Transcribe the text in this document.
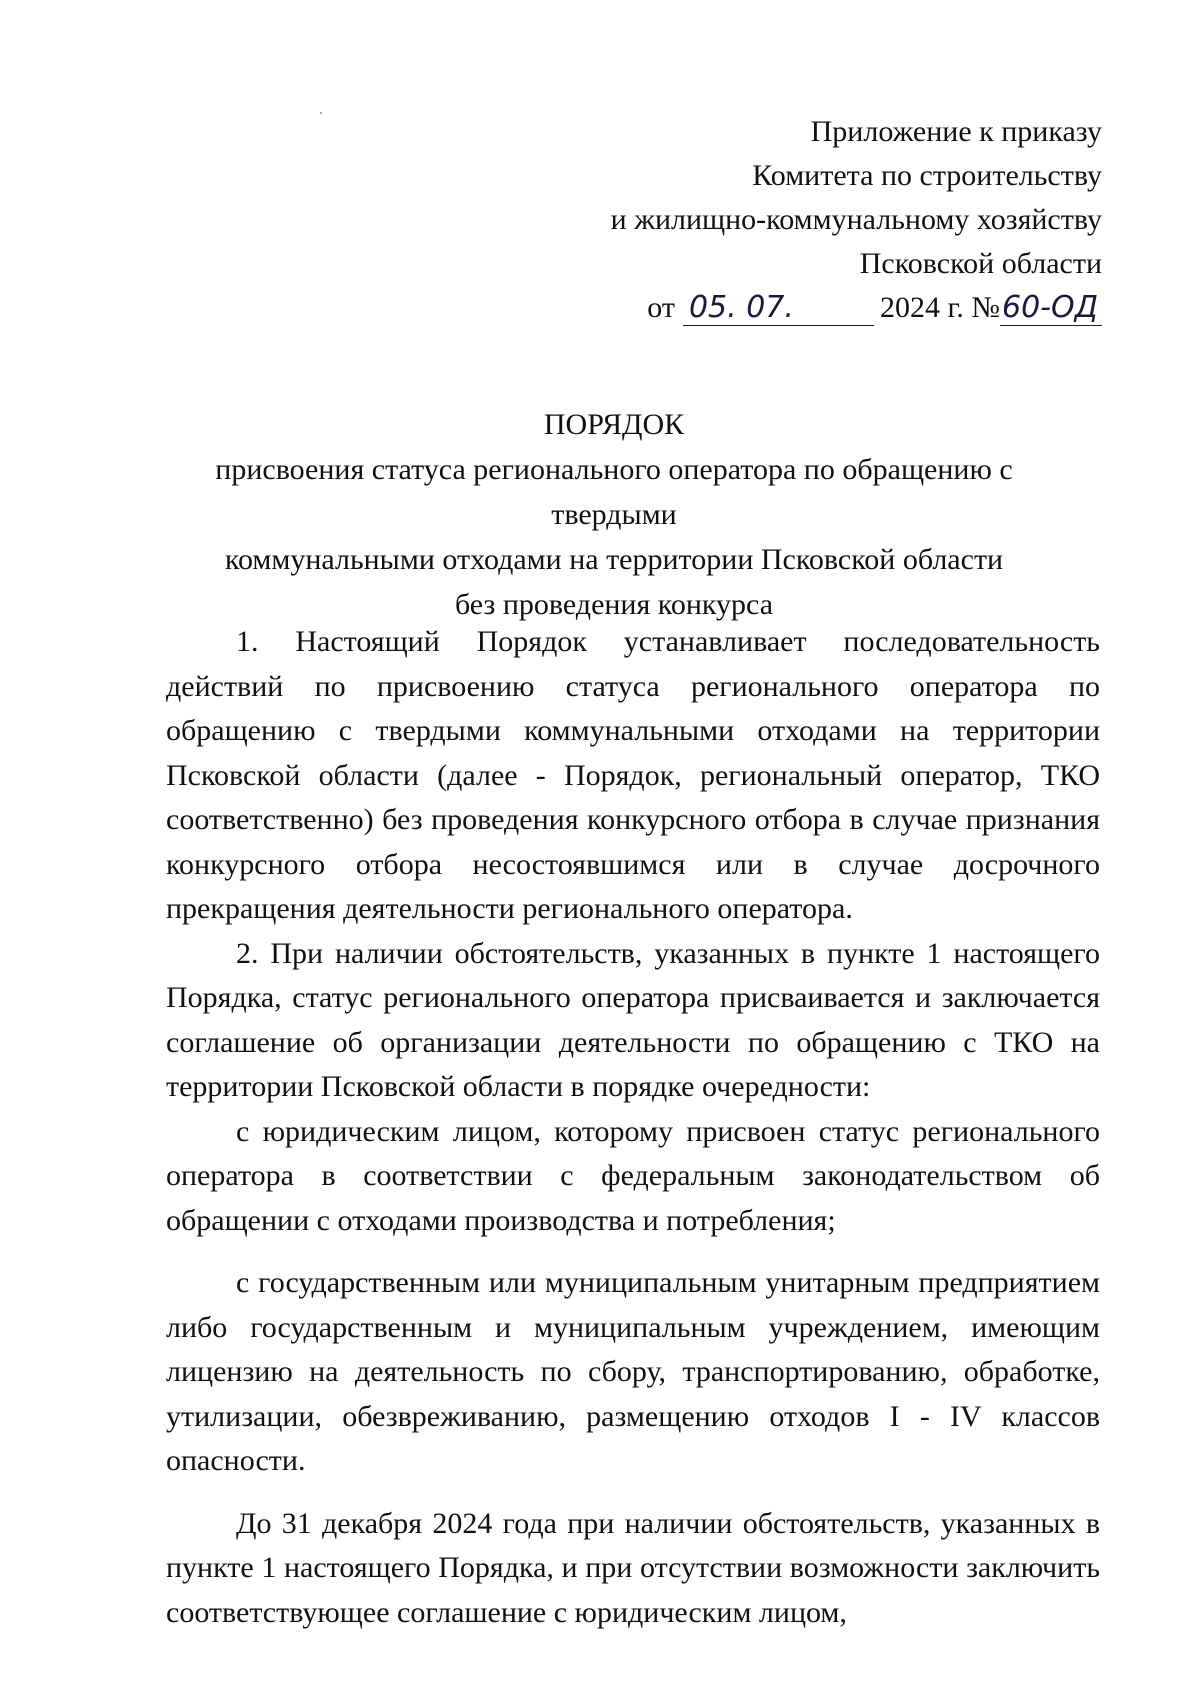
Приложение к приказу
Комитета по строительству
и жилищно-коммунальному хозяйству
Псковской области
от 05. 07.	2024 г. № 60-ОД
ПОРЯДОК
присвоения статуса регионального оператора по обращению с твердыми
коммунальными отходами на территории Псковской области
без проведения конкурса

1. Настоящий Порядок устанавливает последовательность действий по присвоению статуса регионального оператора по обращению с твердыми коммунальными отходами на территории Псковской области (далее - Порядок, региональный оператор, ТКО соответственно) без проведения конкурсного отбора в случае признания конкурсного отбора несостоявшимся или в случае досрочного прекращения деятельности регионального оператора.

2. При наличии обстоятельств, указанных в пункте 1 настоящего Порядка, статус регионального оператора присваивается и заключается соглашение об организации деятельности по обращению с ТКО на территории Псковской области в порядке очередности:

с юридическим лицом, которому присвоен статус регионального оператора в соответствии с федеральным законодательством об обращении с отходами производства и потребления;

с государственным или муниципальным унитарным предприятием либо государственным и муниципальным учреждением, имеющим лицензию на деятельность по сбору, транспортированию, обработке, утилизации, обезвреживанию, размещению отходов I - IV классов опасности.

До 31 декабря 2024 года при наличии обстоятельств, указанных в пункте 1 настоящего Порядка, и при отсутствии возможности заключить соответствующее соглашение с юридическим лицом,
